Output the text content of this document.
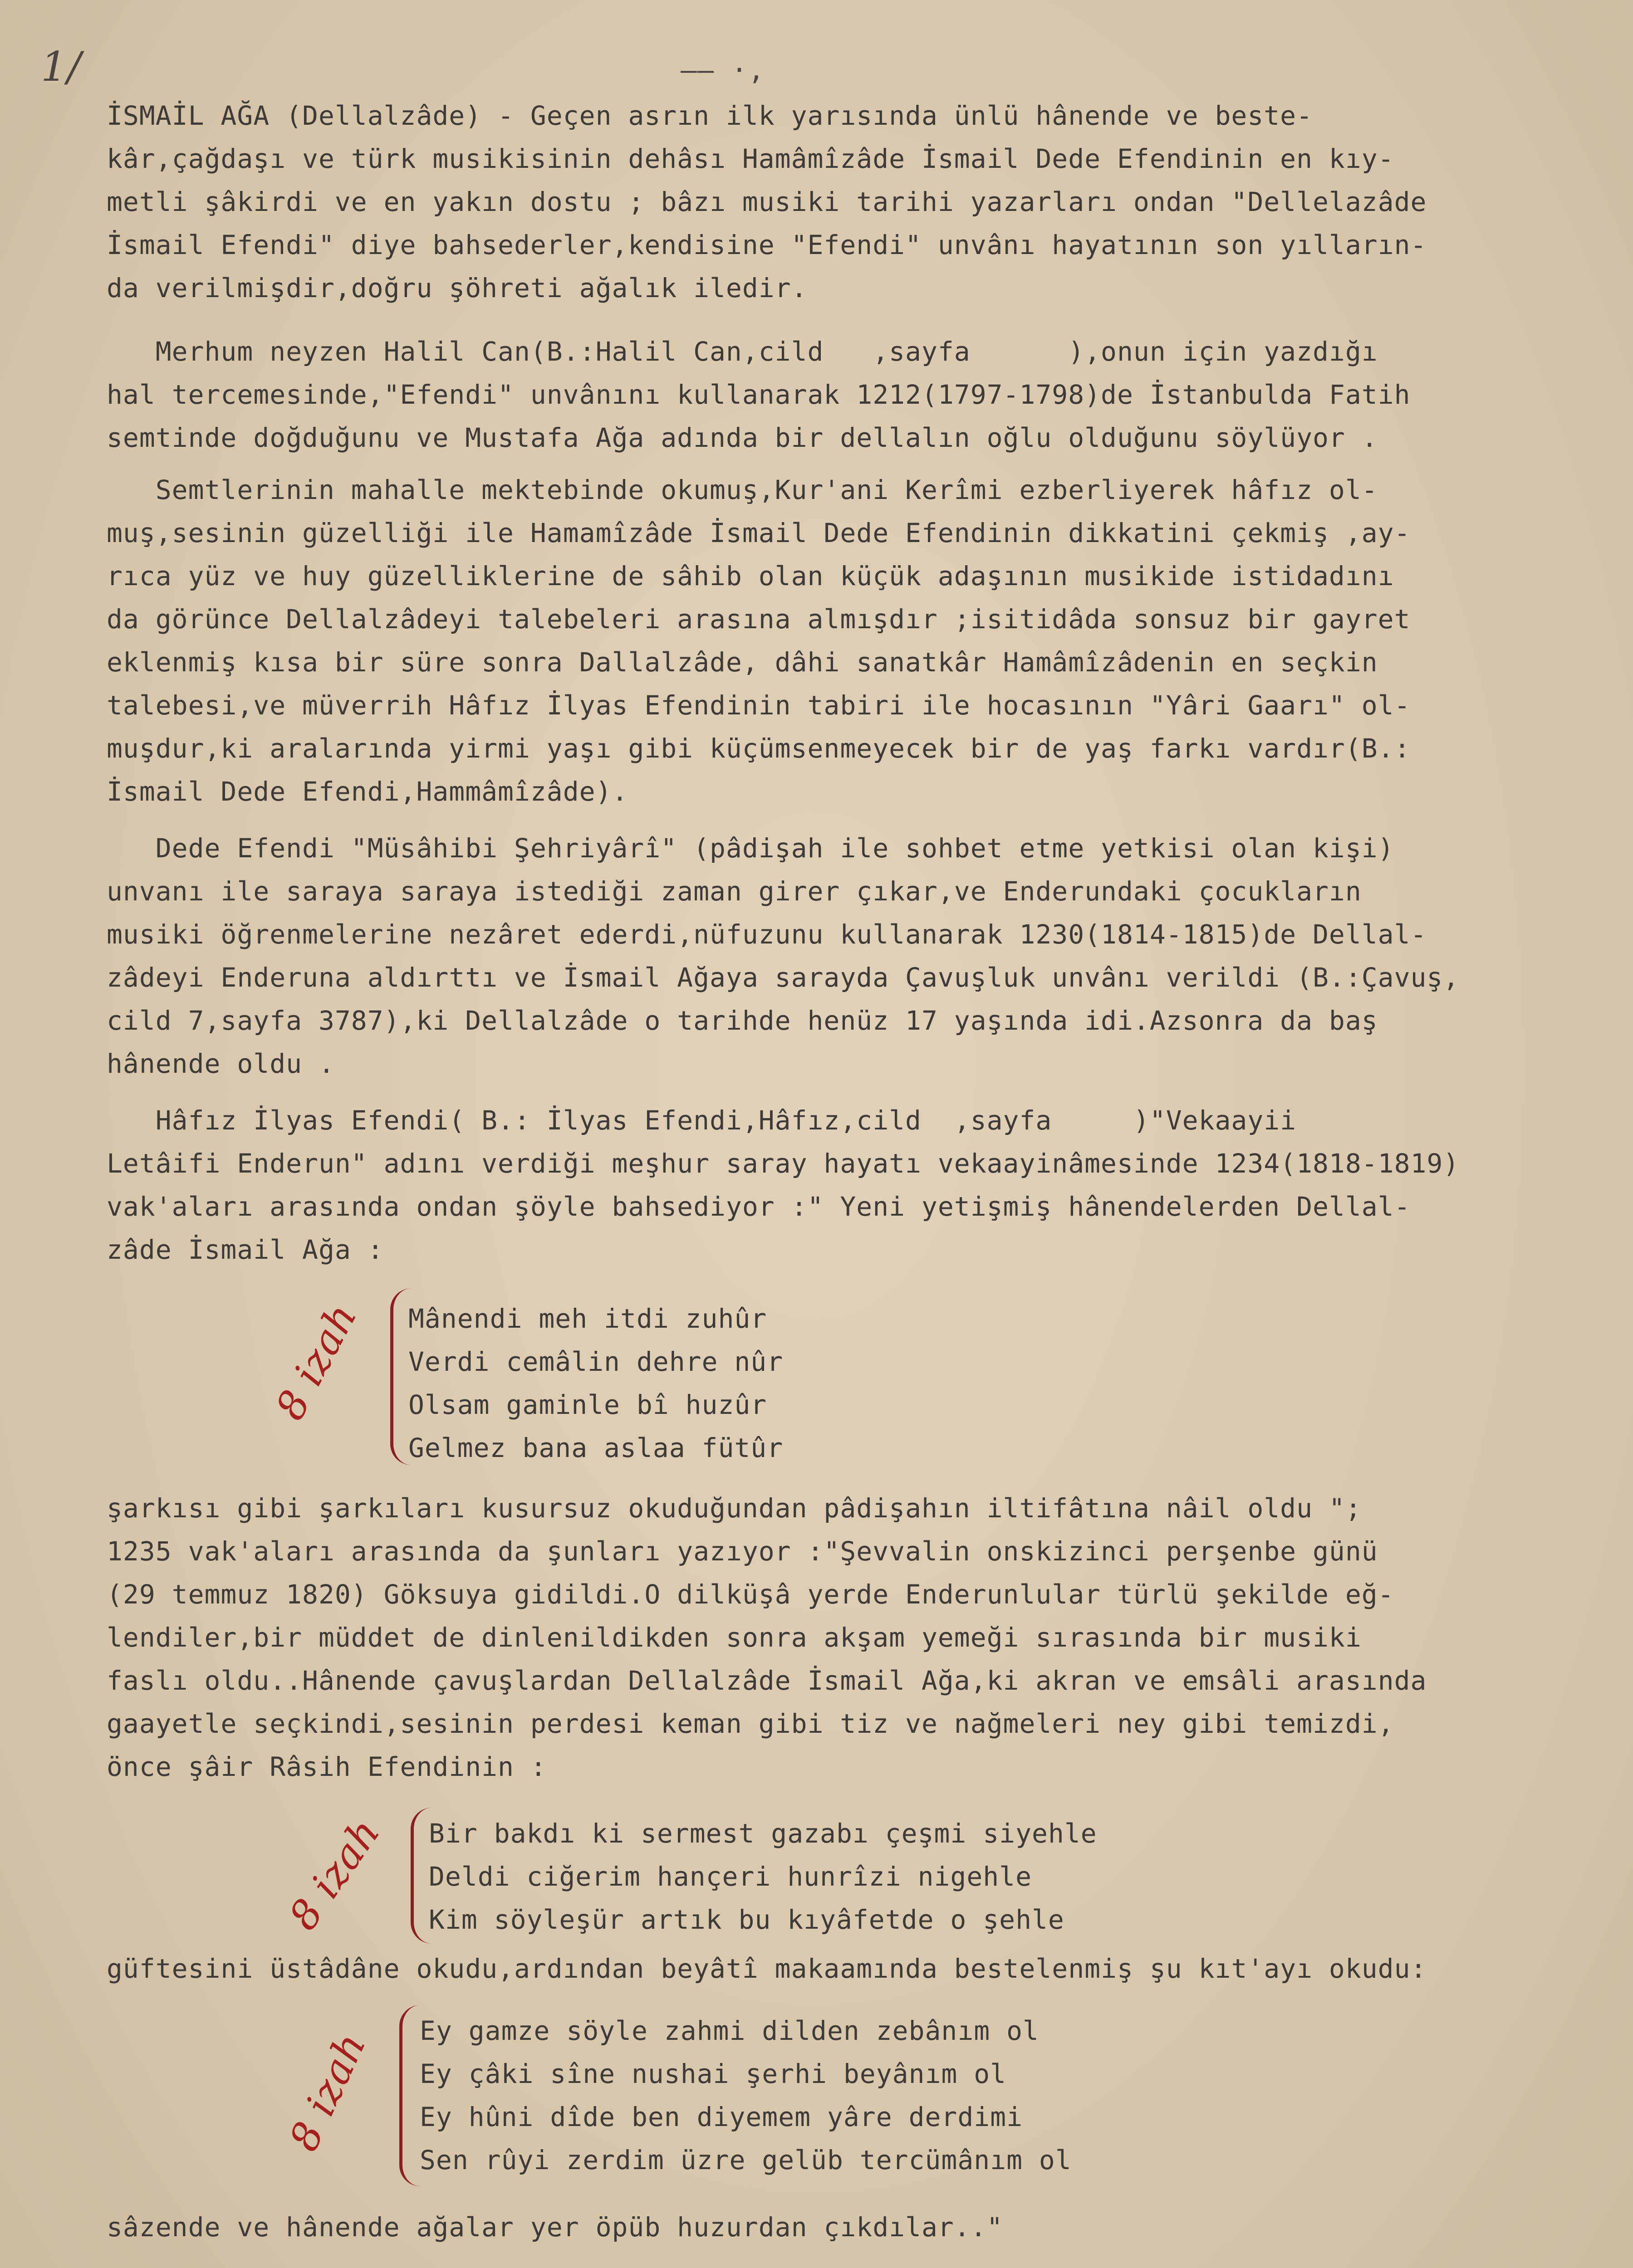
1/	—— ·,
İSMAİL AĞA (Dellalzâde) - Geçen asrın ilk yarısında ünlü hânende ve beste-
kâr,çağdaşı ve türk musikisinin dehâsı Hamâmîzâde İsmail Dede Efendinin en kıy-
metli şâkirdi ve en yakın dostu ; bâzı musiki tarihi yazarları ondan "Dellelazâde
İsmail Efendi" diye bahsederler,kendisine "Efendi" unvânı hayatının son yılların-
da verilmişdir,doğru şöhreti ağalık iledir.
Merhum neyzen Halil Can(B.:Halil Can,cild   ,sayfa      ),onun için yazdığı
hal tercemesinde,"Efendi" unvânını kullanarak 1212(1797-1798)de İstanbulda Fatih
semtinde doğduğunu ve Mustafa Ağa adında bir dellalın oğlu olduğunu söylüyor .
Semtlerinin mahalle mektebinde okumuş,Kur'ani Kerîmi ezberliyerek hâfız ol-
muş,sesinin güzelliği ile Hamamîzâde İsmail Dede Efendinin dikkatini çekmiş ,ay-
rıca yüz ve huy güzelliklerine de sâhib olan küçük adaşının musikide istidadını
da görünce Dellalzâdeyi talebeleri arasına almışdır ;isitidâda sonsuz bir gayret
eklenmiş kısa bir süre sonra Dallalzâde, dâhi sanatkâr Hamâmîzâdenin en seçkin
talebesi,ve müverrih Hâfız İlyas Efendinin tabiri ile hocasının "Yâri Gaarı" ol-
muşdur,ki aralarında yirmi yaşı gibi küçümsenmeyecek bir de yaş farkı vardır(B.:
İsmail Dede Efendi,Hammâmîzâde).
Dede Efendi "Müsâhibi Şehriyârî" (pâdişah ile sohbet etme yetkisi olan kişi)
unvanı ile saraya saraya istediği zaman girer çıkar,ve Enderundaki çocukların
musiki öğrenmelerine nezâret ederdi,nüfuzunu kullanarak 1230(1814-1815)de Dellal-
zâdeyi Enderuna aldırttı ve İsmail Ağaya sarayda Çavuşluk unvânı verildi (B.:Çavuş,
cild 7,sayfa 3787),ki Dellalzâde o tarihde henüz 17 yaşında idi.Azsonra da baş
hânende oldu .
Hâfız İlyas Efendi( B.: İlyas Efendi,Hâfız,cild  ,sayfa     )"Vekaayii
Letâifi Enderun" adını verdiği meşhur saray hayatı vekaayinâmesinde 1234(1818-1819)
vak'aları arasında ondan şöyle bahsediyor :" Yeni yetişmiş hânendelerden Dellal-
zâde İsmail Ağa :
8 izah Mânendi meh itdi zuhûr
Verdi cemâlin dehre nûr
Olsam gaminle bî huzûr
Gelmez bana aslaa fütûr
şarkısı gibi şarkıları kusursuz okuduğundan pâdişahın iltifâtına nâil oldu ";
1235 vak'aları arasında da şunları yazıyor :"Şevvalin onskizinci perşenbe günü
(29 temmuz 1820) Göksuya gidildi.O dilküşâ yerde Enderunlular türlü şekilde eğ-
lendiler,bir müddet de dinlenildikden sonra akşam yemeği sırasında bir musiki
faslı oldu..Hânende çavuşlardan Dellalzâde İsmail Ağa,ki akran ve emsâli arasında
gaayetle seçkindi,sesinin perdesi keman gibi tiz ve nağmeleri ney gibi temizdi,
önce şâir Râsih Efendinin :
8 izah Bir bakdı ki sermest gazabı çeşmi siyehle
Deldi ciğerim hançeri hunrîzi nigehle
Kim söyleşür artık bu kıyâfetde o şehle
güftesini üstâdâne okudu,ardından beyâtî makaamında bestelenmiş şu kıt'ayı okudu:
8 izah Ey gamze söyle zahmi dilden zebânım ol
Ey çâki sîne nushai şerhi beyânım ol
Ey hûni dîde ben diyemem yâre derdimi
Sen rûyi zerdim üzre gelüb tercümânım ol
sâzende ve hânende ağalar yer öpüb huzurdan çıkdılar.."
